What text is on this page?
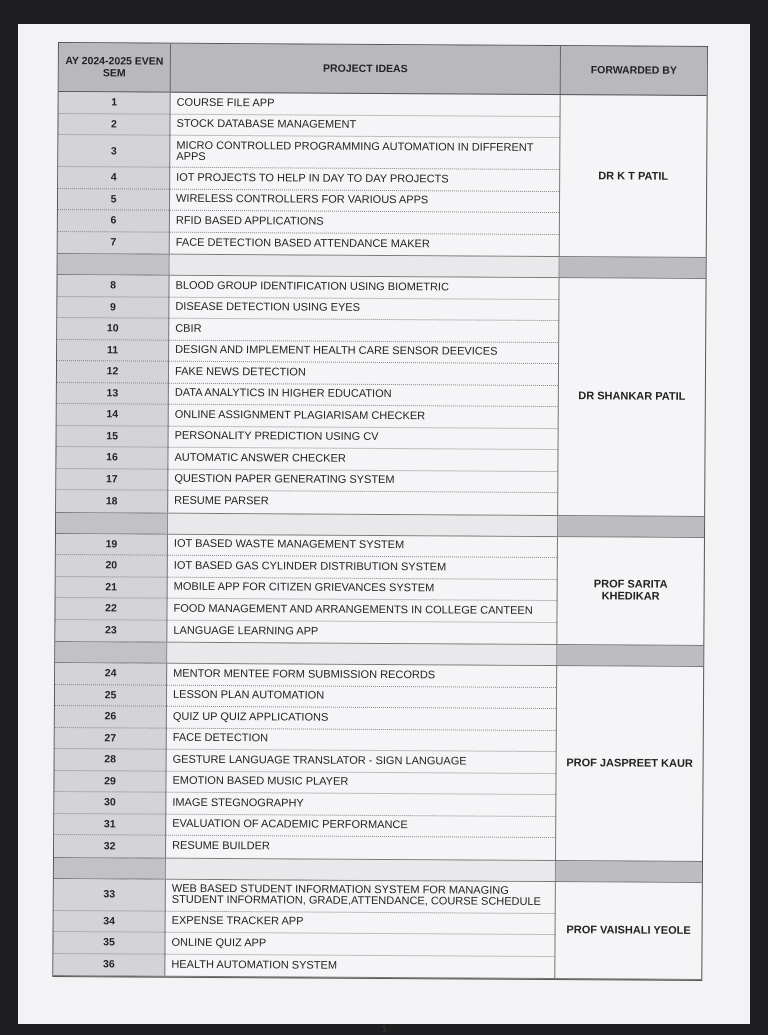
AY 2024-2025 EVEN SEM	PROJECT IDEAS	FORWARDED BY
1
2
3
4
5
6
7
COURSE FILE APP
STOCK DATABASE MANAGEMENT
MICRO CONTROLLED PROGRAMMING AUTOMATION IN DIFFERENT APPS
IOT PROJECTS TO HELP IN DAY TO DAY PROJECTS
WIRELESS CONTROLLERS FOR VARIOUS APPS
RFID BASED APPLICATIONS
FACE DETECTION BASED ATTENDANCE MAKER
DR K T PATIL
8
9
10
11
12
13
14
15
16
17
18
BLOOD GROUP IDENTIFICATION USING BIOMETRIC
DISEASE DETECTION USING EYES
CBIR
DESIGN AND IMPLEMENT HEALTH CARE SENSOR DEEVICES
FAKE NEWS DETECTION
DATA ANALYTICS IN HIGHER EDUCATION
ONLINE ASSIGNMENT PLAGIARISAM CHECKER
PERSONALITY PREDICTION USING CV
AUTOMATIC ANSWER CHECKER
QUESTION PAPER GENERATING SYSTEM
RESUME PARSER
DR SHANKAR PATIL
19
20
21
22
23
IOT BASED WASTE MANAGEMENT SYSTEM
IOT BASED GAS CYLINDER DISTRIBUTION SYSTEM
MOBILE APP FOR CITIZEN GRIEVANCES SYSTEM
FOOD MANAGEMENT AND ARRANGEMENTS IN COLLEGE CANTEEN
LANGUAGE LEARNING APP
PROF SARITA KHEDIKAR
24
25
26
27
28
29
30
31
32
MENTOR MENTEE FORM SUBMISSION RECORDS
LESSON PLAN AUTOMATION
QUIZ UP QUIZ APPLICATIONS
FACE DETECTION
GESTURE LANGUAGE TRANSLATOR - SIGN LANGUAGE
EMOTION BASED MUSIC PLAYER
IMAGE STEGNOGRAPHY
EVALUATION OF ACADEMIC PERFORMANCE
RESUME BUILDER
PROF JASPREET KAUR
33
34
35
36
WEB BASED STUDENT INFORMATION SYSTEM FOR MANAGING STUDENT INFORMATION, GRADE,ATTENDANCE, COURSE SCHEDULE
EXPENSE TRACKER APP
ONLINE QUIZ APP
HEALTH AUTOMATION SYSTEM
PROF VAISHALI YEOLE
1
